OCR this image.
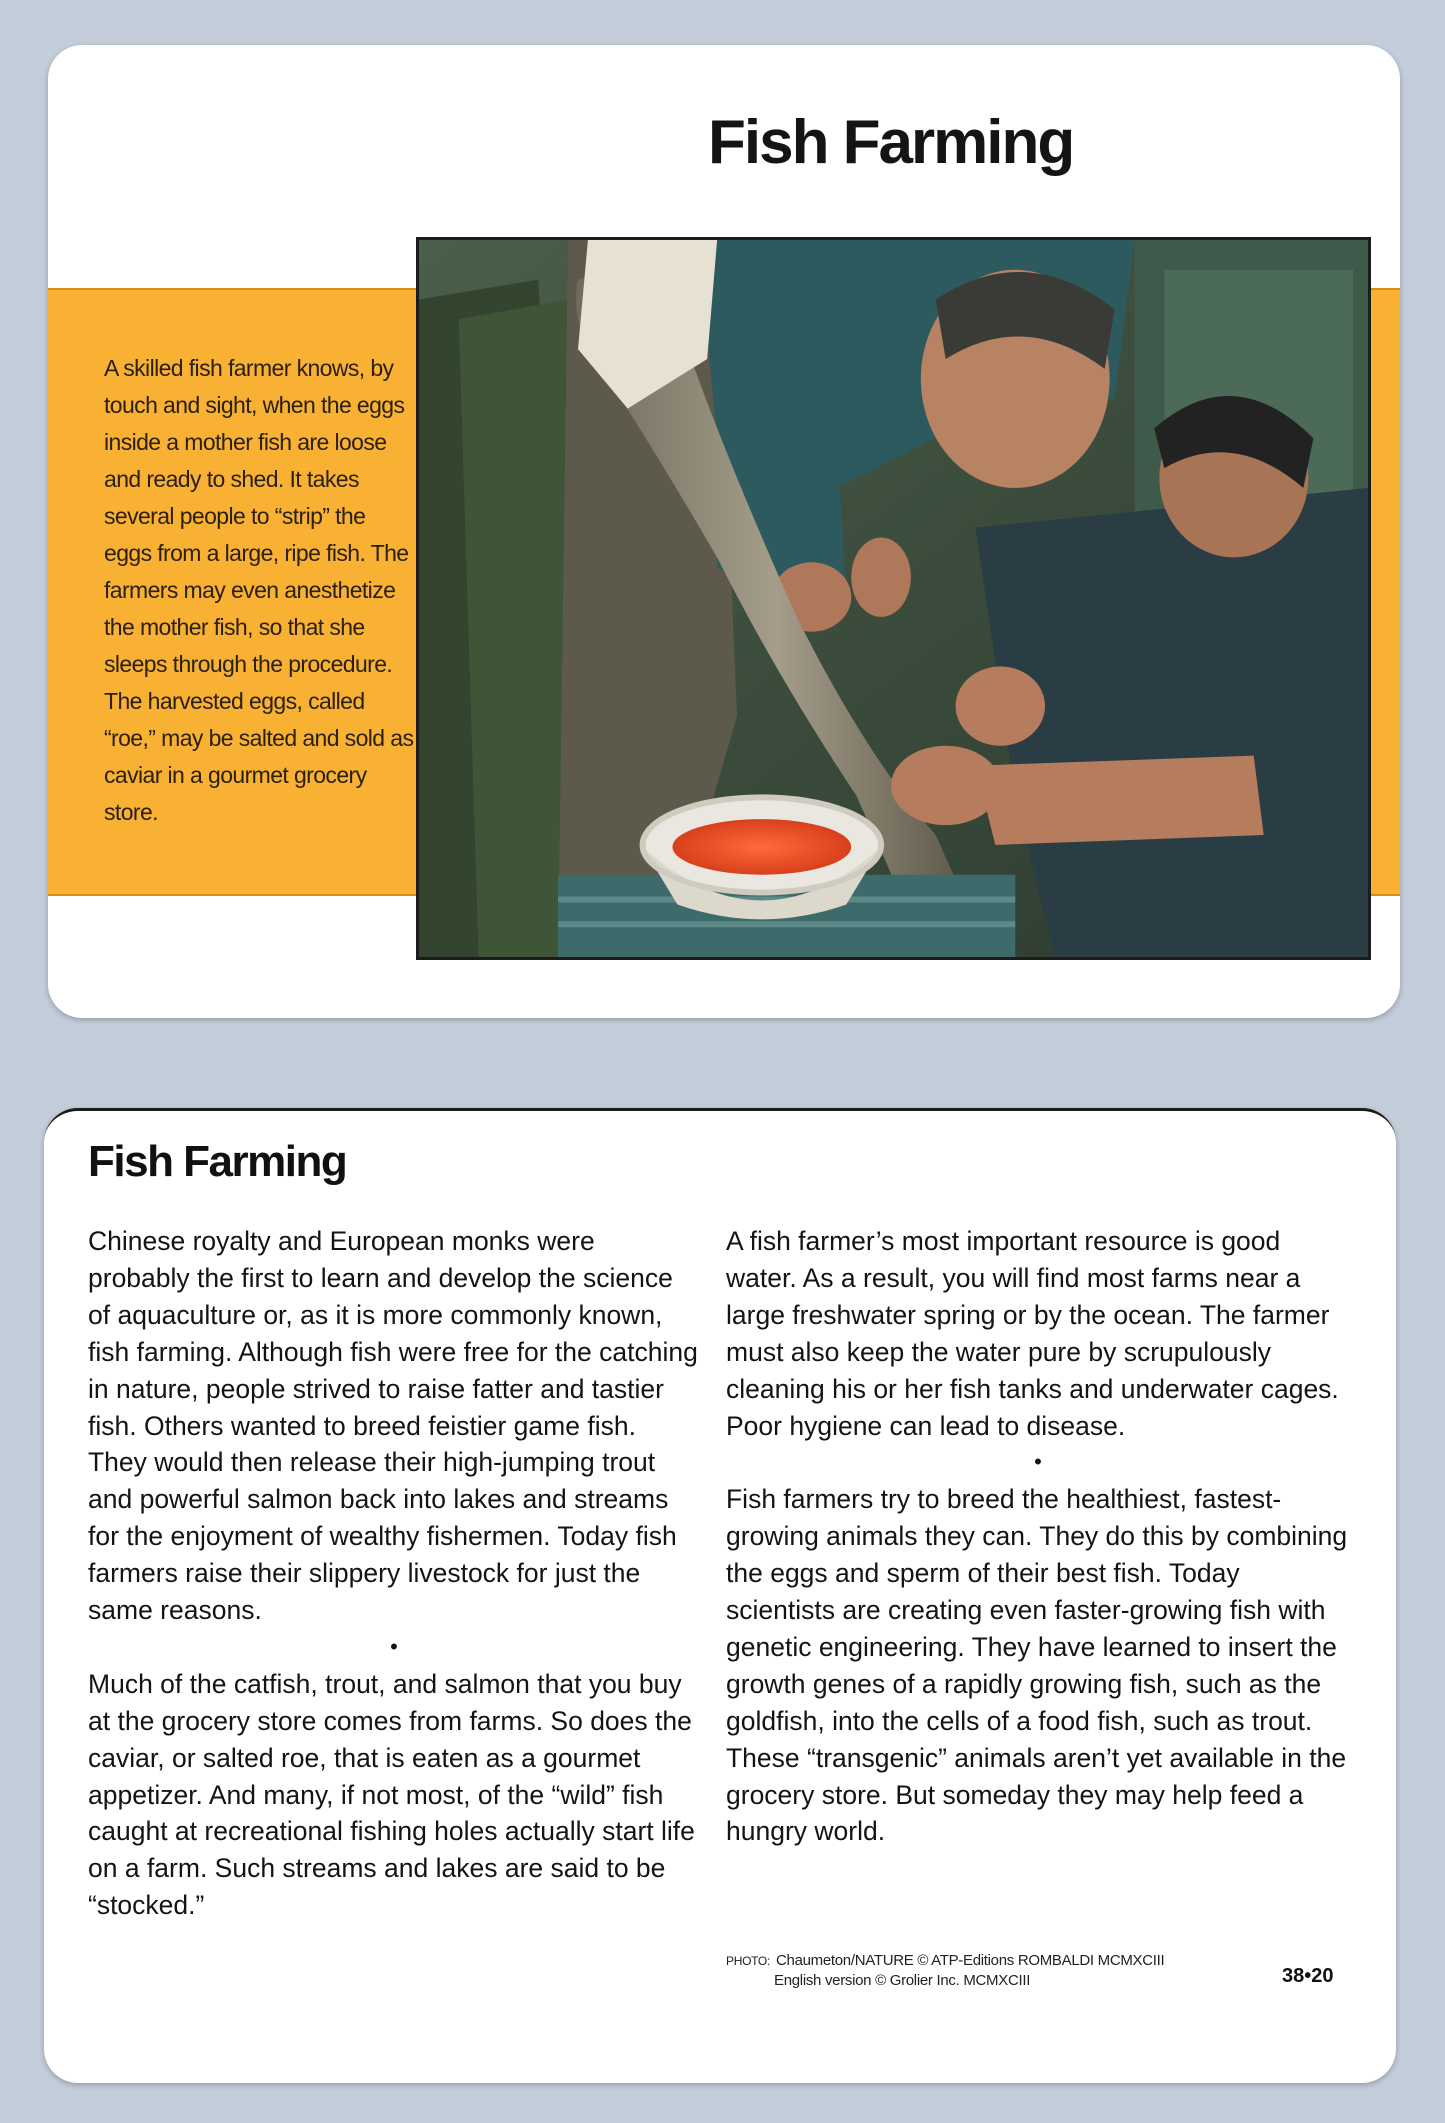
Fish Farming

A skilled fish farmer knows, by touch and sight, when the eggs inside a mother fish are loose and ready to shed. It takes several people to “strip” the eggs from a large, ripe fish. The farmers may even anesthetize the mother fish, so that she sleeps through the procedure. The harvested eggs, called “roe,” may be salted and sold as caviar in a gourmet grocery store.

Fish Farming

Chinese royalty and European monks were probably the first to learn and develop the science of aquaculture or, as it is more commonly known, fish farming. Although fish were free for the catching in nature, people strived to raise fatter and tastier fish. Others wanted to breed feistier game fish. They would then release their high-jumping trout and powerful salmon back into lakes and streams for the enjoyment of wealthy fishermen. Today fish farmers raise their slippery livestock for just the same reasons.

•

Much of the catfish, trout, and salmon that you buy at the grocery store comes from farms. So does the caviar, or salted roe, that is eaten as a gourmet appetizer. And many, if not most, of the “wild” fish caught at recreational fishing holes actually start life on a farm. Such streams and lakes are said to be “stocked.”

A fish farmer’s most important resource is good water. As a result, you will find most farms near a large freshwater spring or by the ocean. The farmer must also keep the water pure by scrupulously cleaning his or her fish tanks and underwater cages. Poor hygiene can lead to disease.

•

Fish farmers try to breed the healthiest, fastest-growing animals they can. They do this by combining the eggs and sperm of their best fish. Today scientists are creating even faster-growing fish with genetic engineering. They have learned to insert the growth genes of a rapidly growing fish, such as the goldfish, into the cells of a food fish, such as trout. These “transgenic” animals aren’t yet available in the grocery store. But someday they may help feed a hungry world.

PHOTO: Chaumeton/NATURE © ATP-Editions ROMBALDI MCMXCIII
English version © Grolier Inc. MCMXCIII	38•20
